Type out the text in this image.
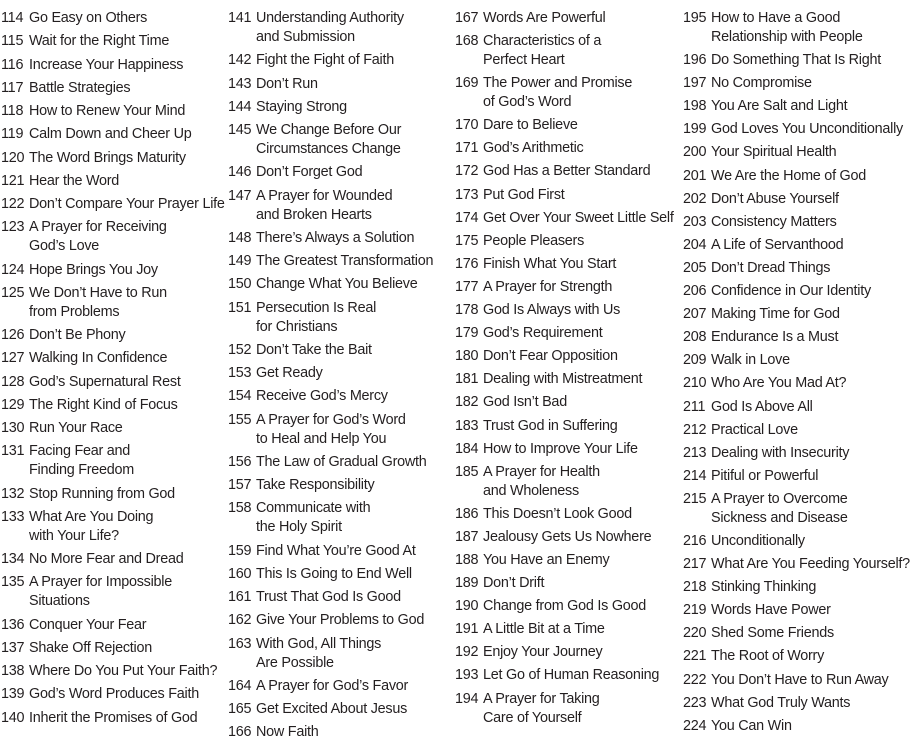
114 Go Easy on Others
115 Wait for the Right Time
116 Increase Your Happiness
117 Battle Strategies
118 How to Renew Your Mind
119 Calm Down and Cheer Up
120 The Word Brings Maturity
121 Hear the Word
122 Don’t Compare Your Prayer Life
123 A Prayer for Receiving
God’s Love
124 Hope Brings You Joy
125 We Don’t Have to Run
from Problems
126 Don’t Be Phony
127 Walking In Confidence
128 God’s Supernatural Rest
129 The Right Kind of Focus
130 Run Your Race
131 Facing Fear and
Finding Freedom
132 Stop Running from God
133 What Are You Doing
with Your Life?
134 No More Fear and Dread
135 A Prayer for Impossible
Situations
136 Conquer Your Fear
137 Shake Off Rejection
138 Where Do You Put Your Faith?
139 God’s Word Produces Faith
140 Inherit the Promises of God
141 Understanding Authority
and Submission
142 Fight the Fight of Faith
143 Don’t Run
144 Staying Strong
145 We Change Before Our
Circumstances Change
146 Don’t Forget God
147 A Prayer for Wounded
and Broken Hearts
148 There’s Always a Solution
149 The Greatest Transformation
150 Change What You Believe
151 Persecution Is Real
for Christians
152 Don’t Take the Bait
153 Get Ready
154 Receive God’s Mercy
155 A Prayer for God’s Word
to Heal and Help You
156 The Law of Gradual Growth
157 Take Responsibility
158 Communicate with
the Holy Spirit
159 Find What You’re Good At
160 This Is Going to End Well
161 Trust That God Is Good
162 Give Your Problems to God
163 With God, All Things
Are Possible
164 A Prayer for God’s Favor
165 Get Excited About Jesus
166 Now Faith
167 Words Are Powerful
168 Characteristics of a
Perfect Heart
169 The Power and Promise
of God’s Word
170 Dare to Believe
171 God’s Arithmetic
172 God Has a Better Standard
173 Put God First
174 Get Over Your Sweet Little Self
175 People Pleasers
176 Finish What You Start
177 A Prayer for Strength
178 God Is Always with Us
179 God’s Requirement
180 Don’t Fear Opposition
181 Dealing with Mistreatment
182 God Isn’t Bad
183 Trust God in Suffering
184 How to Improve Your Life
185 A Prayer for Health
and Wholeness
186 This Doesn’t Look Good
187 Jealousy Gets Us Nowhere
188 You Have an Enemy
189 Don’t Drift
190 Change from God Is Good
191 A Little Bit at a Time
192 Enjoy Your Journey
193 Let Go of Human Reasoning
194 A Prayer for Taking
Care of Yourself
195 How to Have a Good
Relationship with People
196 Do Something That Is Right
197 No Compromise
198 You Are Salt and Light
199 God Loves You Unconditionally
200 Your Spiritual Health
201 We Are the Home of God
202 Don’t Abuse Yourself
203 Consistency Matters
204 A Life of Servanthood
205 Don’t Dread Things
206 Confidence in Our Identity
207 Making Time for God
208 Endurance Is a Must
209 Walk in Love
210 Who Are You Mad At?
211 God Is Above All
212 Practical Love
213 Dealing with Insecurity
214 Pitiful or Powerful
215 A Prayer to Overcome
Sickness and Disease
216 Unconditionally
217 What Are You Feeding Yourself?
218 Stinking Thinking
219 Words Have Power
220 Shed Some Friends
221 The Root of Worry
222 You Don’t Have to Run Away
223 What God Truly Wants
224 You Can Win
